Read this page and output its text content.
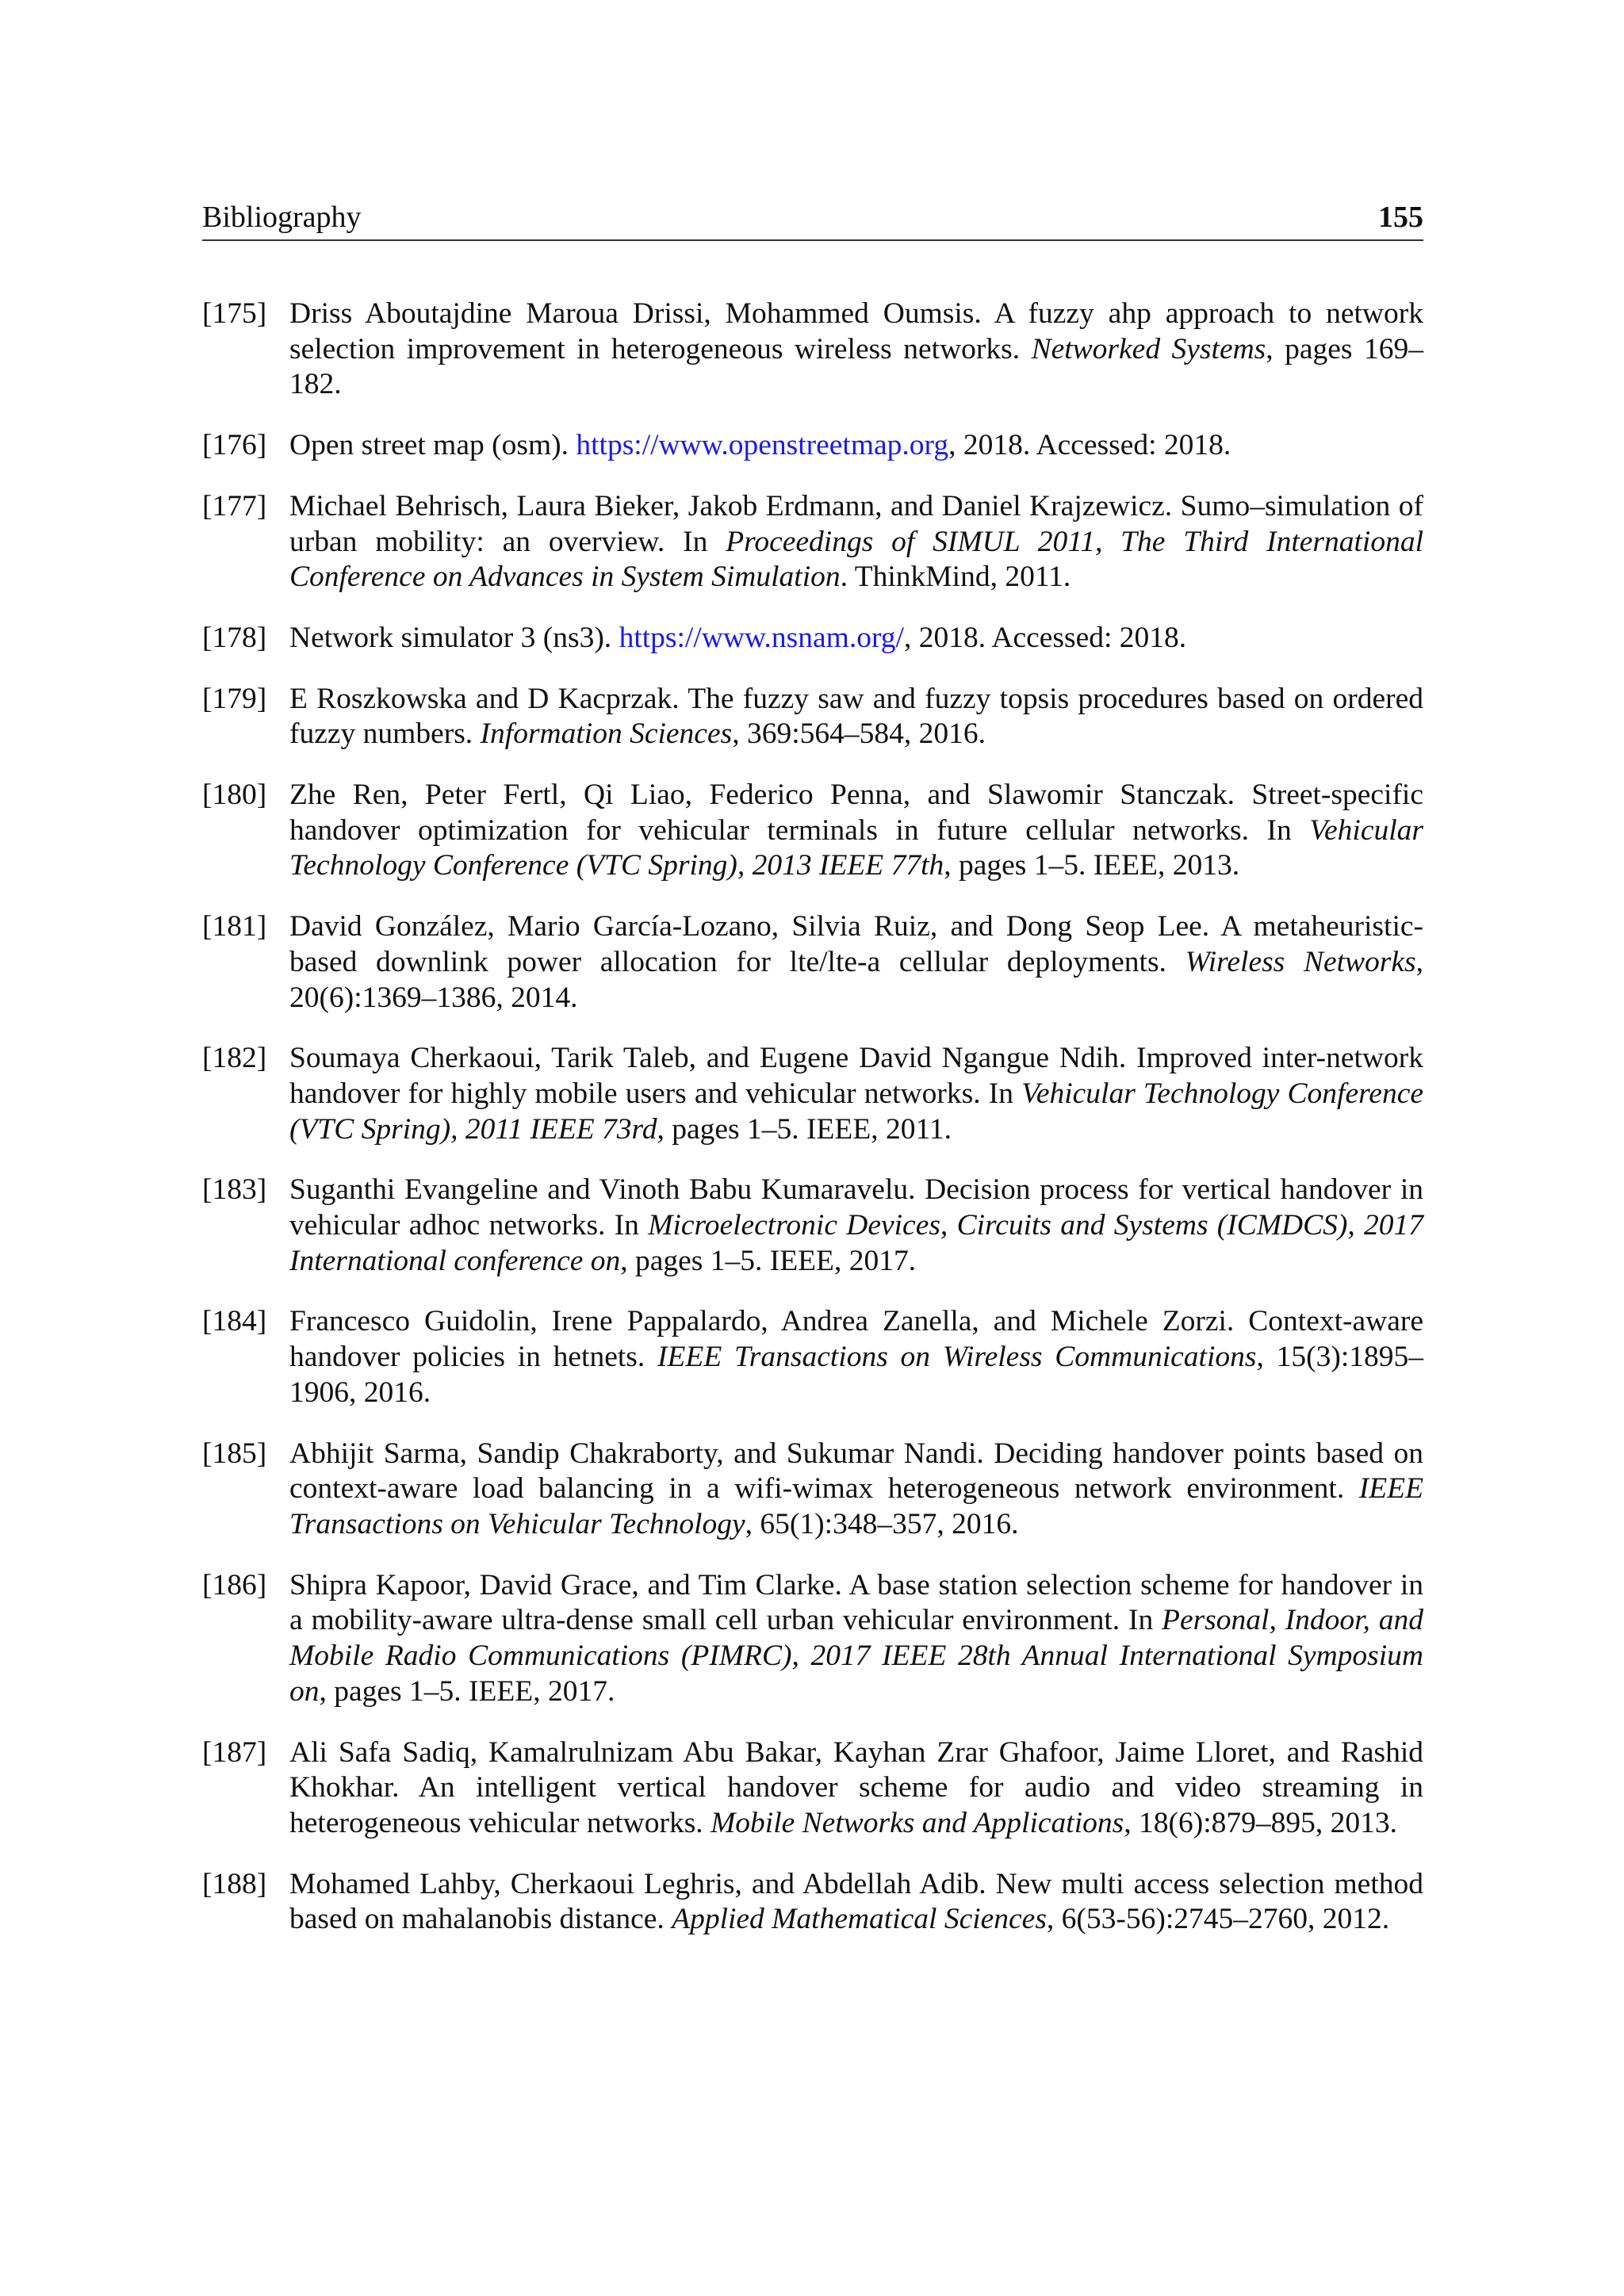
Bibliography	155
[175] Driss Aboutajdine Maroua Drissi, Mohammed Oumsis. A fuzzy ahp approach to network selection improvement in heterogeneous wireless networks. Networked Systems, pages 169–182.
[176] Open street map (osm). https://www.openstreetmap.org, 2018. Accessed: 2018.
[177] Michael Behrisch, Laura Bieker, Jakob Erdmann, and Daniel Krajzewicz. Sumo–simulation of urban mobility: an overview. In Proceedings of SIMUL 2011, The Third International Conference on Advances in System Simulation. ThinkMind, 2011.
[178] Network simulator 3 (ns3). https://www.nsnam.org/, 2018. Accessed: 2018.
[179] E Roszkowska and D Kacprzak. The fuzzy saw and fuzzy topsis procedures based on ordered fuzzy numbers. Information Sciences, 369:564–584, 2016.
[180] Zhe Ren, Peter Fertl, Qi Liao, Federico Penna, and Slawomir Stanczak. Street-specific handover optimization for vehicular terminals in future cellular networks. In Vehicular Technology Conference (VTC Spring), 2013 IEEE 77th, pages 1–5. IEEE, 2013.
[181] David González, Mario García-Lozano, Silvia Ruiz, and Dong Seop Lee. A metaheuristic-based downlink power allocation for lte/lte-a cellular deployments. Wireless Networks, 20(6):1369–1386, 2014.
[182] Soumaya Cherkaoui, Tarik Taleb, and Eugene David Ngangue Ndih. Improved inter-network handover for highly mobile users and vehicular networks. In Vehicular Technology Conference (VTC Spring), 2011 IEEE 73rd, pages 1–5. IEEE, 2011.
[183] Suganthi Evangeline and Vinoth Babu Kumaravelu. Decision process for vertical handover in vehicular adhoc networks. In Microelectronic Devices, Circuits and Systems (ICMDCS), 2017 International conference on, pages 1–5. IEEE, 2017.
[184] Francesco Guidolin, Irene Pappalardo, Andrea Zanella, and Michele Zorzi. Context-aware handover policies in hetnets. IEEE Transactions on Wireless Communications, 15(3):1895–1906, 2016.
[185] Abhijit Sarma, Sandip Chakraborty, and Sukumar Nandi. Deciding handover points based on context-aware load balancing in a wifi-wimax heterogeneous network environment. IEEE Transactions on Vehicular Technology, 65(1):348–357, 2016.
[186] Shipra Kapoor, David Grace, and Tim Clarke. A base station selection scheme for handover in a mobility-aware ultra-dense small cell urban vehicular environment. In Personal, Indoor, and Mobile Radio Communications (PIMRC), 2017 IEEE 28th Annual International Symposium on, pages 1–5. IEEE, 2017.
[187] Ali Safa Sadiq, Kamalrulnizam Abu Bakar, Kayhan Zrar Ghafoor, Jaime Lloret, and Rashid Khokhar. An intelligent vertical handover scheme for audio and video streaming in heterogeneous vehicular networks. Mobile Networks and Applications, 18(6):879–895, 2013.
[188] Mohamed Lahby, Cherkaoui Leghris, and Abdellah Adib. New multi access selection method based on mahalanobis distance. Applied Mathematical Sciences, 6(53-56):2745–2760, 2012.
